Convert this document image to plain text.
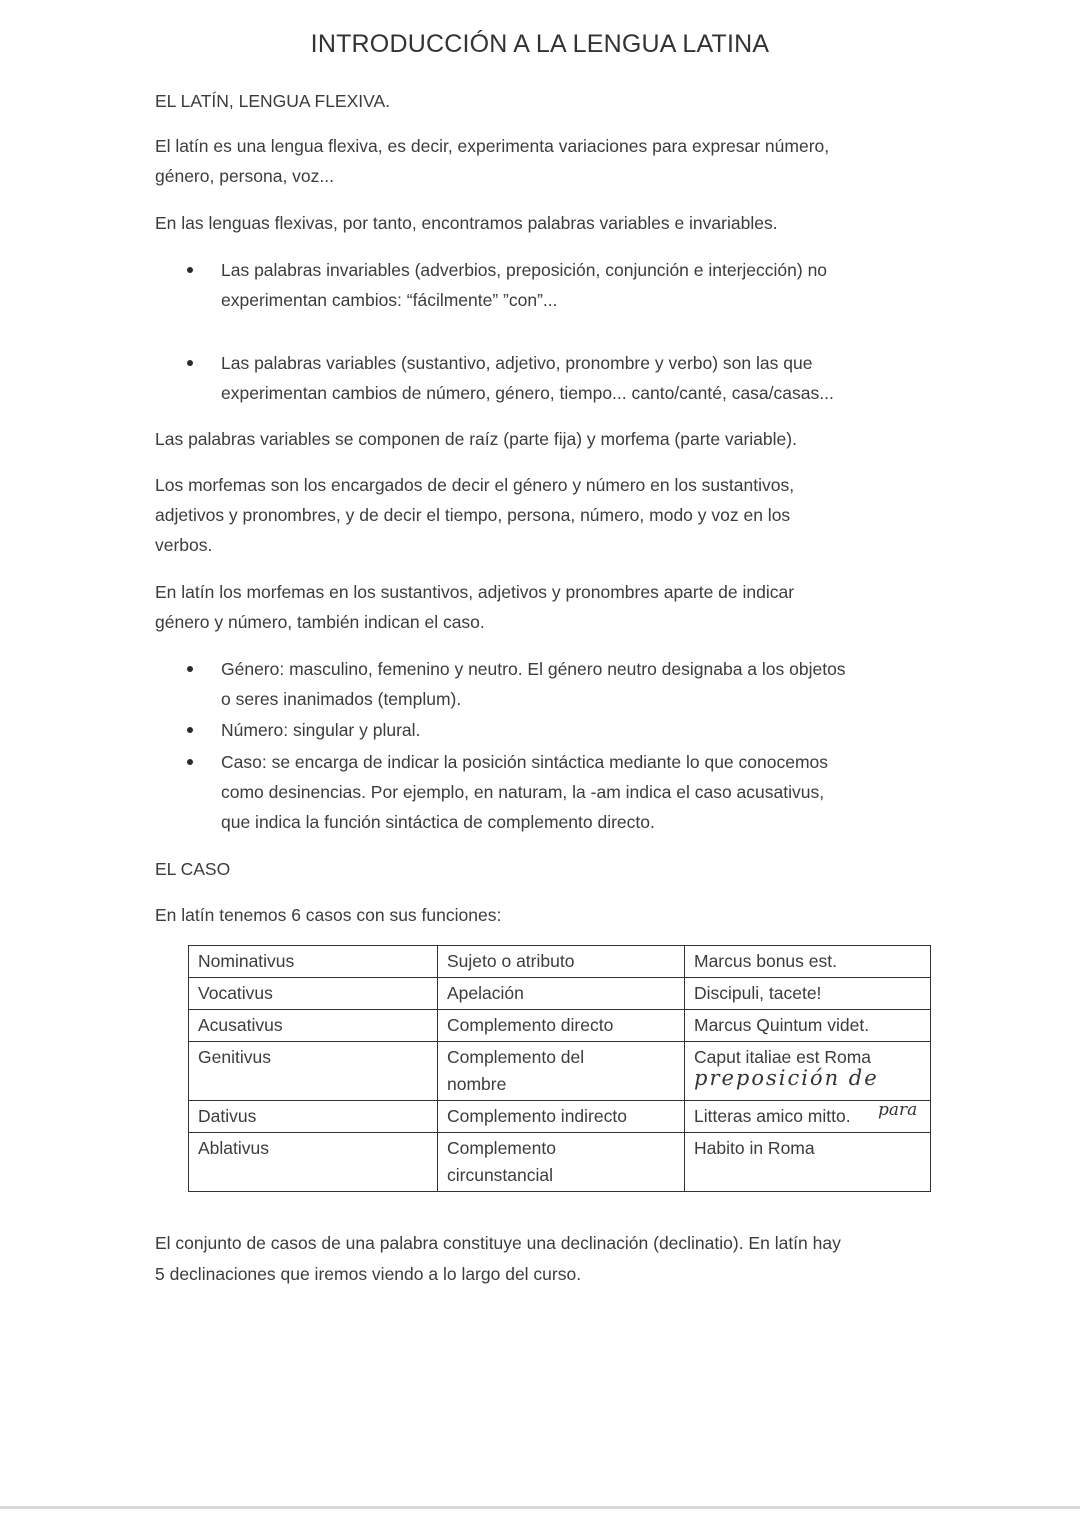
INTRODUCCIÓN A LA LENGUA LATINA
EL LATÍN, LENGUA FLEXIVA.
El latín es una lengua flexiva, es decir, experimenta variaciones para expresar número,
género, persona, voz...
En las lenguas flexivas, por tanto, encontramos palabras variables e invariables.
Las palabras invariables (adverbios, preposición, conjunción e interjección) no
experimentan cambios: “fácilmente” ”con”...
Las palabras variables (sustantivo, adjetivo, pronombre y verbo) son las que
experimentan cambios de número, género, tiempo... canto/canté, casa/casas...
Las palabras variables se componen de raíz (parte fija) y morfema (parte variable).
Los morfemas son los encargados de decir el género y número en los sustantivos,
adjetivos y pronombres, y de decir el tiempo, persona, número, modo y voz en los
verbos.
En latín los morfemas en los sustantivos, adjetivos y pronombres aparte de indicar
género y número, también indican el caso.
Género: masculino, femenino y neutro. El género neutro designaba a los objetos
o seres inanimados (templum).
Número: singular y plural.
Caso: se encarga de indicar la posición sintáctica mediante lo que conocemos
como desinencias. Por ejemplo, en naturam, la -am indica el caso acusativus,
que indica la función sintáctica de complemento directo.
EL CASO
En latín tenemos 6 casos con sus funciones:
Nominativus	Sujeto o atributo	Marcus bonus est.
Vocativus	Apelación	Discipuli, tacete!
Acusativus	Complemento directo	Marcus Quintum videt.
Genitivus	Complemento del
nombre	Caput italiae est Roma
Dativus	Complemento indirecto	Litteras amico mitto.
Ablativus	Complemento
circunstancial	Habito in Roma
preposición de
para
El conjunto de casos de una palabra constituye una declinación (declinatio). En latín hay
5 declinaciones que iremos viendo a lo largo del curso.
